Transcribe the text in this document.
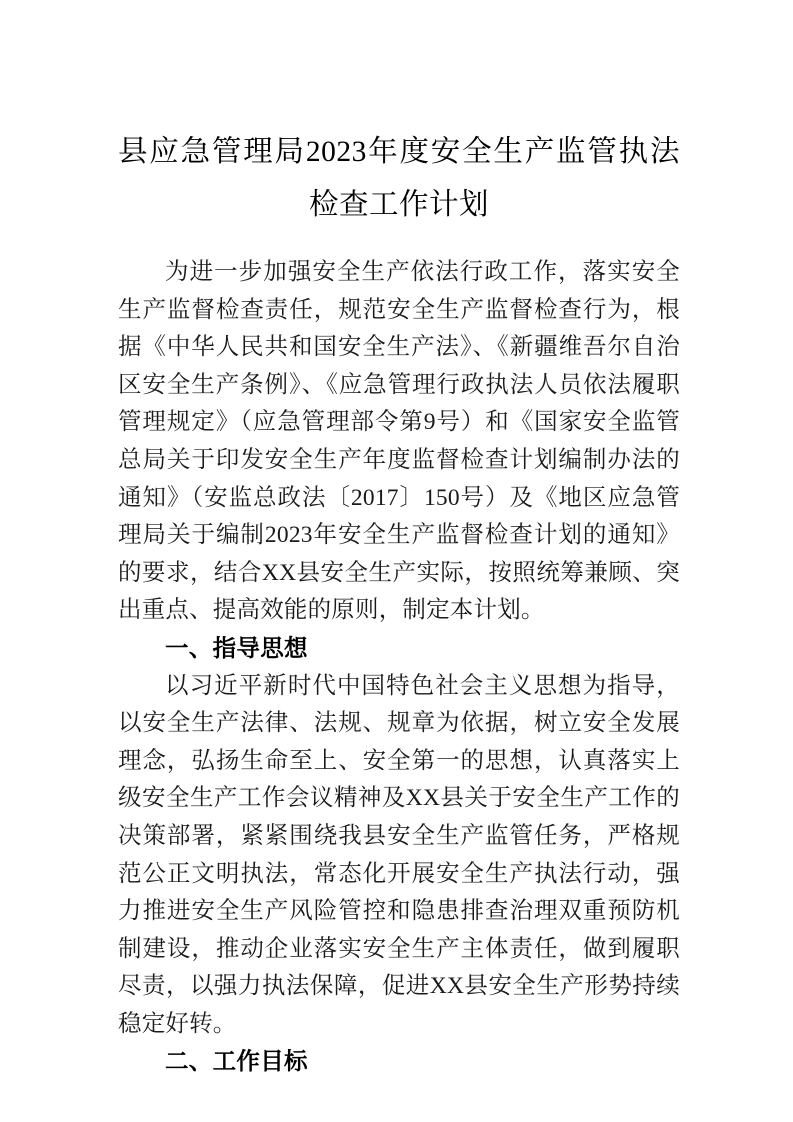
县应急管理局2023年度安全生产监管执法
检查工作计划

为进一步加强安全生产依法行政工作，落实安全生产监督检查责任，规范安全生产监督检查行为，根据《中华人民共和国安全生产法》、《新疆维吾尔自治区安全生产条例》、《应急管理行政执法人员依法履职管理规定》（应急管理部令第9号）和《国家安全监管总局关于印发安全生产年度监督检查计划编制办法的通知》（安监总政法〔2017〕150号）及《地区应急管理局关于编制2023年安全生产监督检查计划的通知》的要求，结合XX县安全生产实际，按照统筹兼顾、突出重点、提高效能的原则，制定本计划。

一、指导思想

以习近平新时代中国特色社会主义思想为指导，以安全生产法律、法规、规章为依据，树立安全发展理念，弘扬生命至上、安全第一的思想，认真落实上级安全生产工作会议精神及XX县关于安全生产工作的决策部署，紧紧围绕我县安全生产监管任务，严格规范公正文明执法，常态化开展安全生产执法行动，强力推进安全生产风险管控和隐患排查治理双重预防机制建设，推动企业落实安全生产主体责任，做到履职尽责，以强力执法保障，促进XX县安全生产形势持续稳定好转。

二、工作目标
